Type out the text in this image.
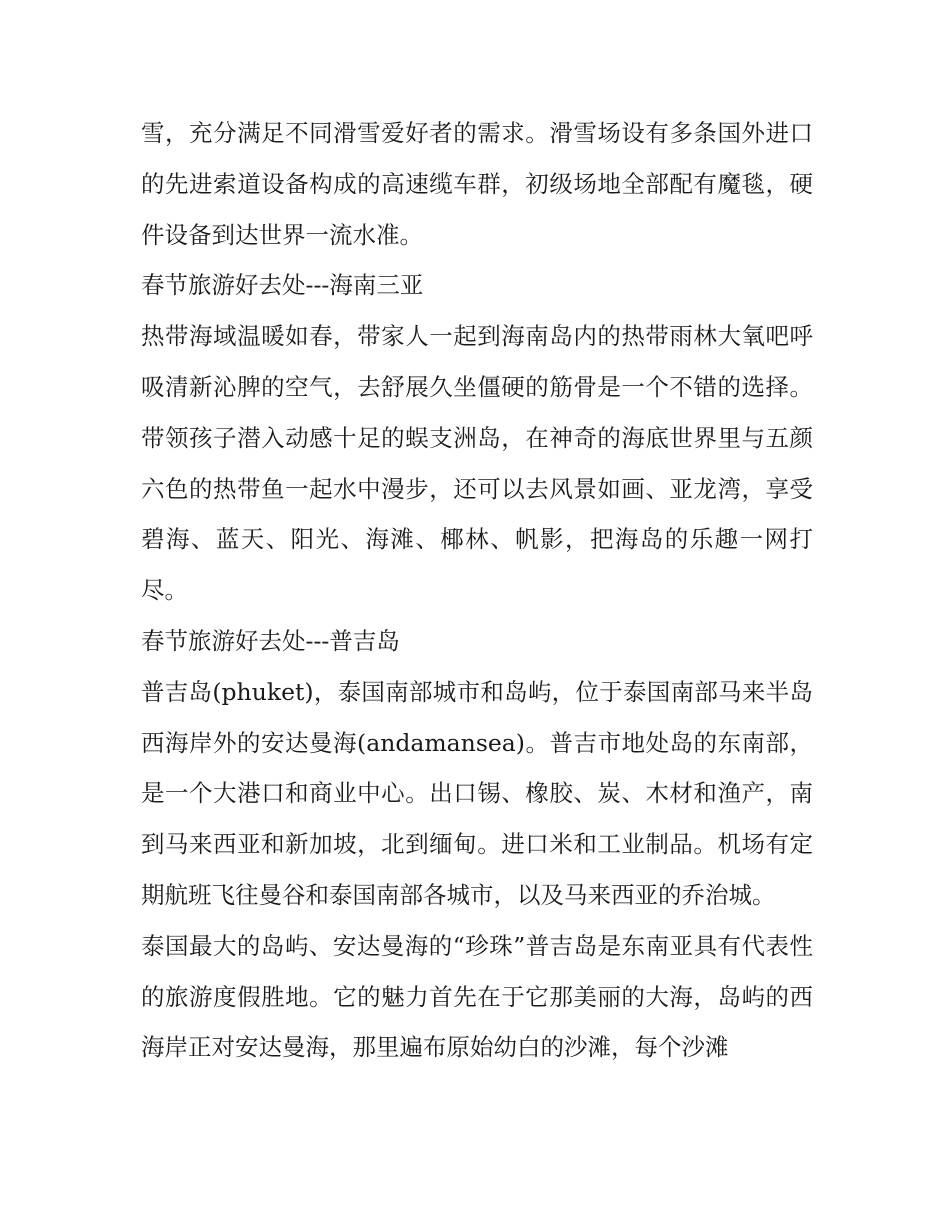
雪，充分满足不同滑雪爱好者的需求。滑雪场设有多条国外进口的先进索道设备构成的高速缆车群，初级场地全部配有魔毯，硬件设备到达世界一流水准。

春节旅游好去处---海南三亚

热带海域温暖如春，带家人一起到海南岛内的热带雨林大氧吧呼吸清新沁脾的空气，去舒展久坐僵硬的筋骨是一个不错的选择。带领孩子潜入动感十足的蜈支洲岛，在神奇的海底世界里与五颜六色的热带鱼一起水中漫步，还可以去风景如画、亚龙湾，享受碧海、蓝天、阳光、海滩、椰林、帆影，把海岛的乐趣一网打尽。

春节旅游好去处---普吉岛

普吉岛(phuket)，泰国南部城市和岛屿，位于泰国南部马来半岛西海岸外的安达曼海(andamansea)。普吉市地处岛的东南部，是一个大港口和商业中心。出口锡、橡胶、炭、木材和渔产，南到马来西亚和新加坡，北到缅甸。进口米和工业制品。机场有定期航班飞往曼谷和泰国南部各城市，以及马来西亚的乔治城。

泰国最大的岛屿、安达曼海的“珍珠”普吉岛是东南亚具有代表性的旅游度假胜地。它的魅力首先在于它那美丽的大海，岛屿的西海岸正对安达曼海，那里遍布原始幼白的沙滩，每个沙滩
